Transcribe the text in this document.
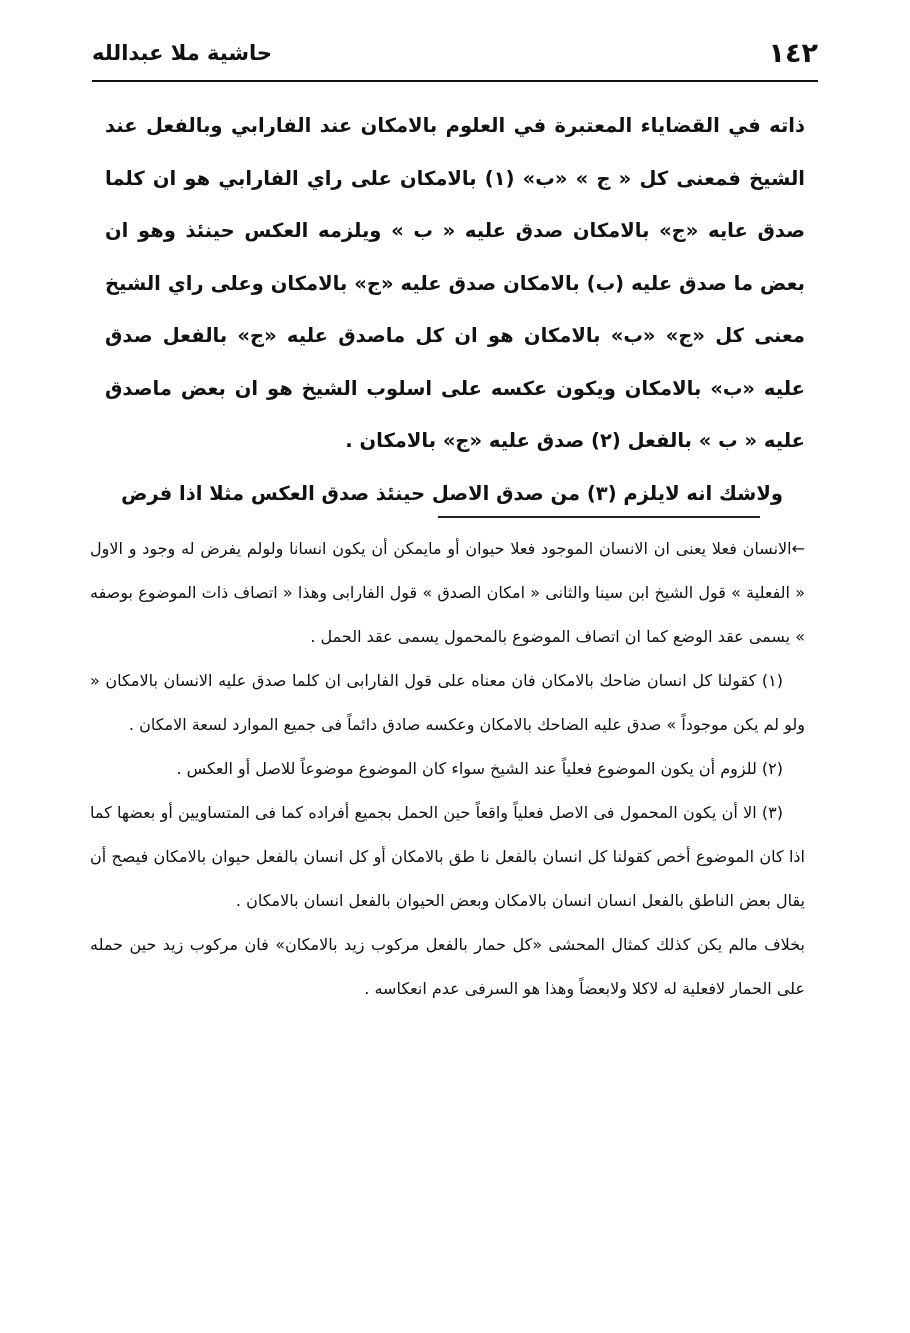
١٤٢
حاشية ملا عبدالله

ذاته في القضاياء المعتبرة في العلوم بالامكان عند الفارابي وبالفعل عند الشيخ فمعنى كل « ج » «ب» (١) بالامكان على راي الفارابي هو ان كلما صدق عايه «ج» بالامكان صدق عليه « ب » ويلزمه العكس حينئذ وهو ان بعض ما صدق عليه (ب) بالامكان صدق عليه «ج» بالامكان وعلى راي الشيخ معنى كل «ج» «ب» بالامكان هو ان كل ماصدق عليه «ج» بالفعل صدق عليه «ب» بالامكان ويكون عكسه على اسلوب الشيخ هو ان بعض ماصدق عليه « ب » بالفعل (٢) صدق عليه «ج» بالامكان .

ولاشك انه لايلزم (٣) من صدق الاصل حينئذ صدق العكس مثلا اذا فرض

←الانسان فعلا يعنى ان الانسان الموجود فعلا حيوان أو مايمكن أن يكون انسانا ولولم يفرض له وجود و الاول « الفعلية » قول الشيخ ابن سينا والثانى « امكان الصدق » قول الفارابى وهذا « اتصاف ذات الموضوع بوصفه » يسمى عقد الوضع كما ان اتصاف الموضوع بالمحمول يسمى عقد الحمل .

(١) كقولنا كل انسان ضاحك بالامكان فان معناه على قول الفارابى ان كلما صدق عليه الانسان بالامكان « ولو لم يكن موجوداً » صدق عليه الضاحك بالامكان وعكسه صادق دائماً فى جميع الموارد لسعة الامكان .

(٢) للزوم أن يكون الموضوع فعلياً عند الشيخ سواء كان الموضوع موضوعاً للاصل أو العكس .

(٣) الا أن يكون المحمول فى الاصل فعلياً واقعاً حين الحمل بجميع أفراده كما فى المتساويين أو بعضها كما اذا كان الموضوع أخص كقولنا كل انسان بالفعل نا طق بالامكان أو كل انسان بالفعل حيوان بالامكان فيصح أن يقال بعض الناطق بالفعل انسان انسان بالامكان وبعض الحيوان بالفعل انسان بالامكان .

بخلاف مالم يكن كذلك كمثال المحشى «كل حمار بالفعل مركوب زيد بالامكان» فان مركوب زيد حين حمله على الحمار لافعلية له لاكلا ولابعضاً وهذا هو السرفى عدم انعكاسه .
